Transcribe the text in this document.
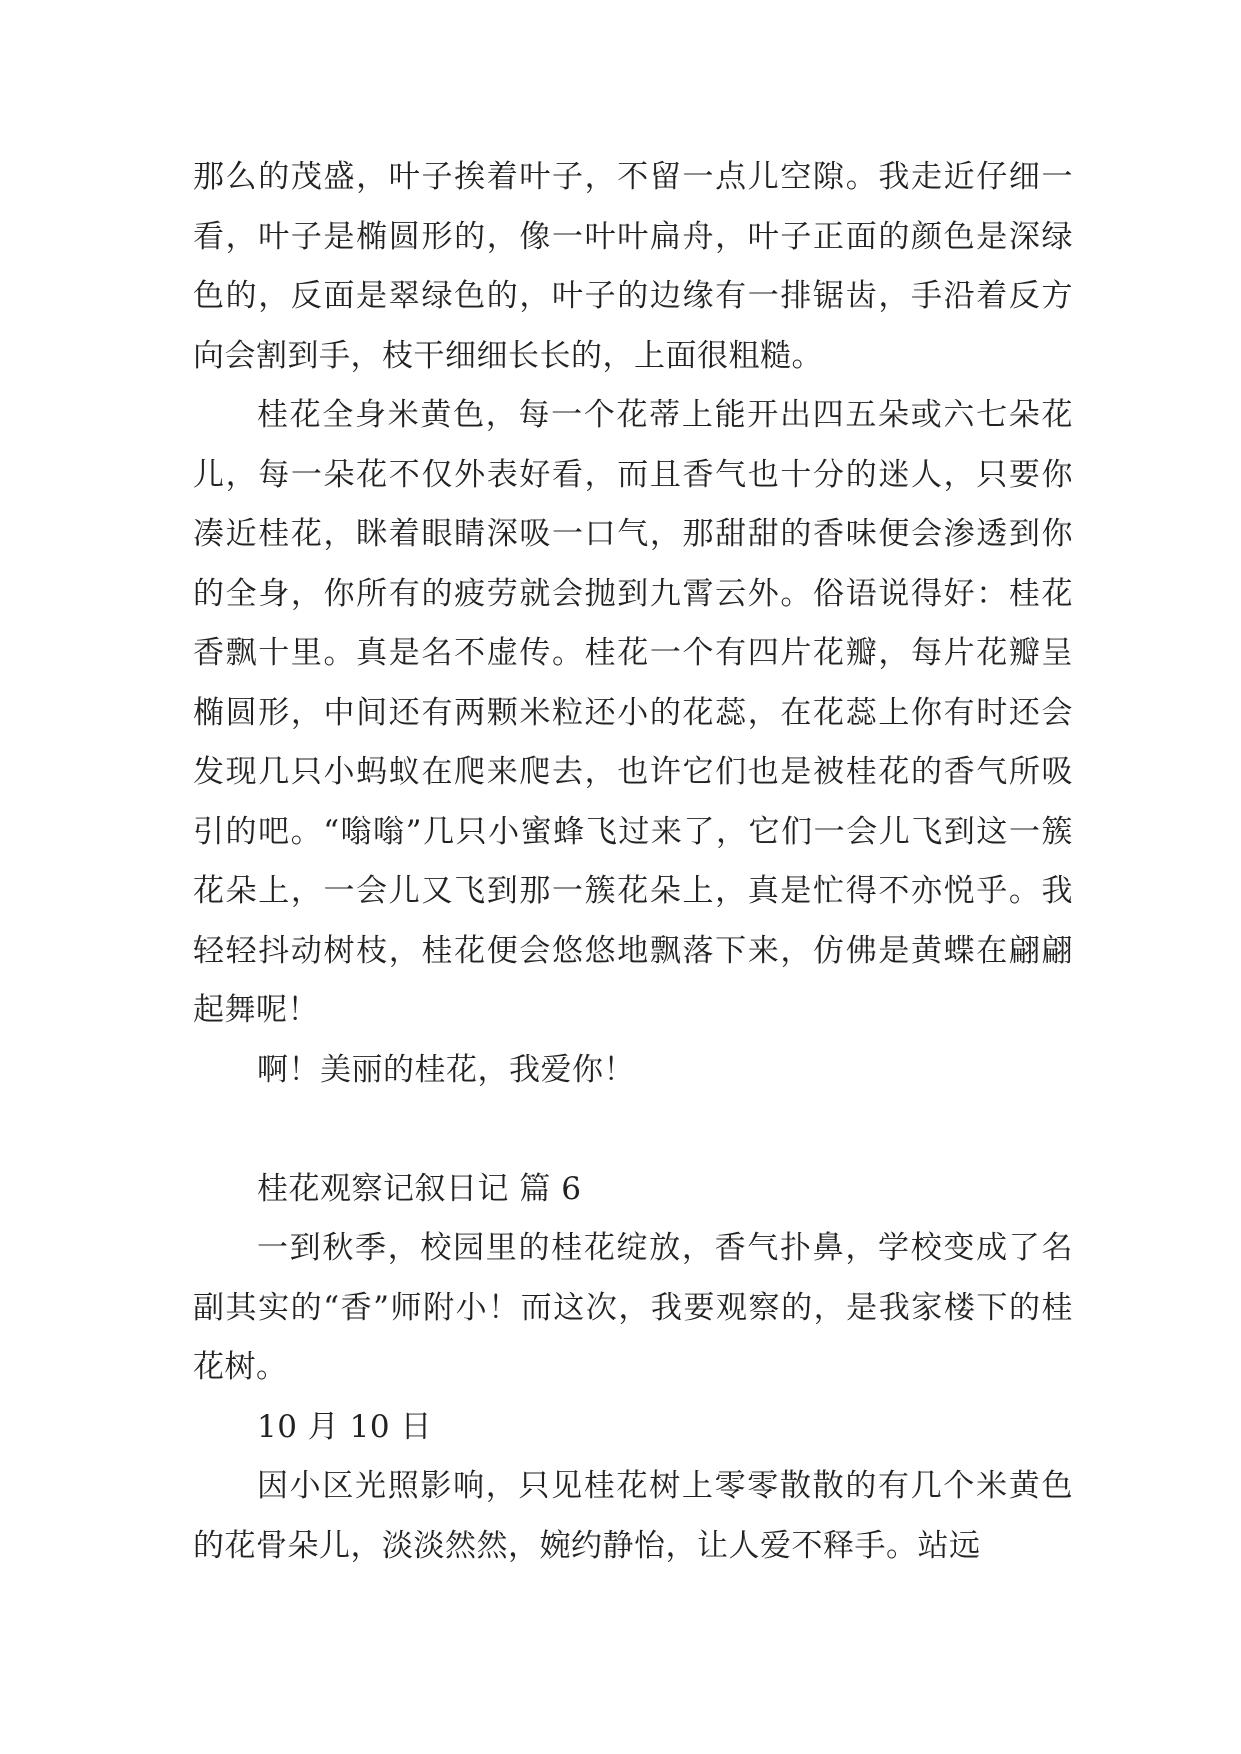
那么的茂盛，叶子挨着叶子，不留一点儿空隙。我走近仔细一看，叶子是椭圆形的，像一叶叶扁舟，叶子正面的颜色是深绿色的，反面是翠绿色的，叶子的边缘有一排锯齿，手沿着反方向会割到手，枝干细细长长的，上面很粗糙。

桂花全身米黄色，每一个花蒂上能开出四五朵或六七朵花儿，每一朵花不仅外表好看，而且香气也十分的迷人，只要你凑近桂花，眯着眼睛深吸一口气，那甜甜的香味便会渗透到你的全身，你所有的疲劳就会抛到九霄云外。俗语说得好：桂花香飘十里。真是名不虚传。桂花一个有四片花瓣，每片花瓣呈椭圆形，中间还有两颗米粒还小的花蕊，在花蕊上你有时还会发现几只小蚂蚁在爬来爬去，也许它们也是被桂花的香气所吸引的吧。“嗡嗡”几只小蜜蜂飞过来了，它们一会儿飞到这一簇花朵上，一会儿又飞到那一簇花朵上，真是忙得不亦悦乎。我轻轻抖动树枝，桂花便会悠悠地飘落下来，仿佛是黄蝶在翩翩起舞呢！

啊！美丽的桂花，我爱你！

桂花观察记叙日记 篇 6

一到秋季，校园里的桂花绽放，香气扑鼻，学校变成了名副其实的“香”师附小！而这次，我要观察的，是我家楼下的桂花树。

10 月 10 日

因小区光照影响，只见桂花树上零零散散的有几个米黄色的花骨朵儿，淡淡然然，婉约静怡，让人爱不释手。站远
